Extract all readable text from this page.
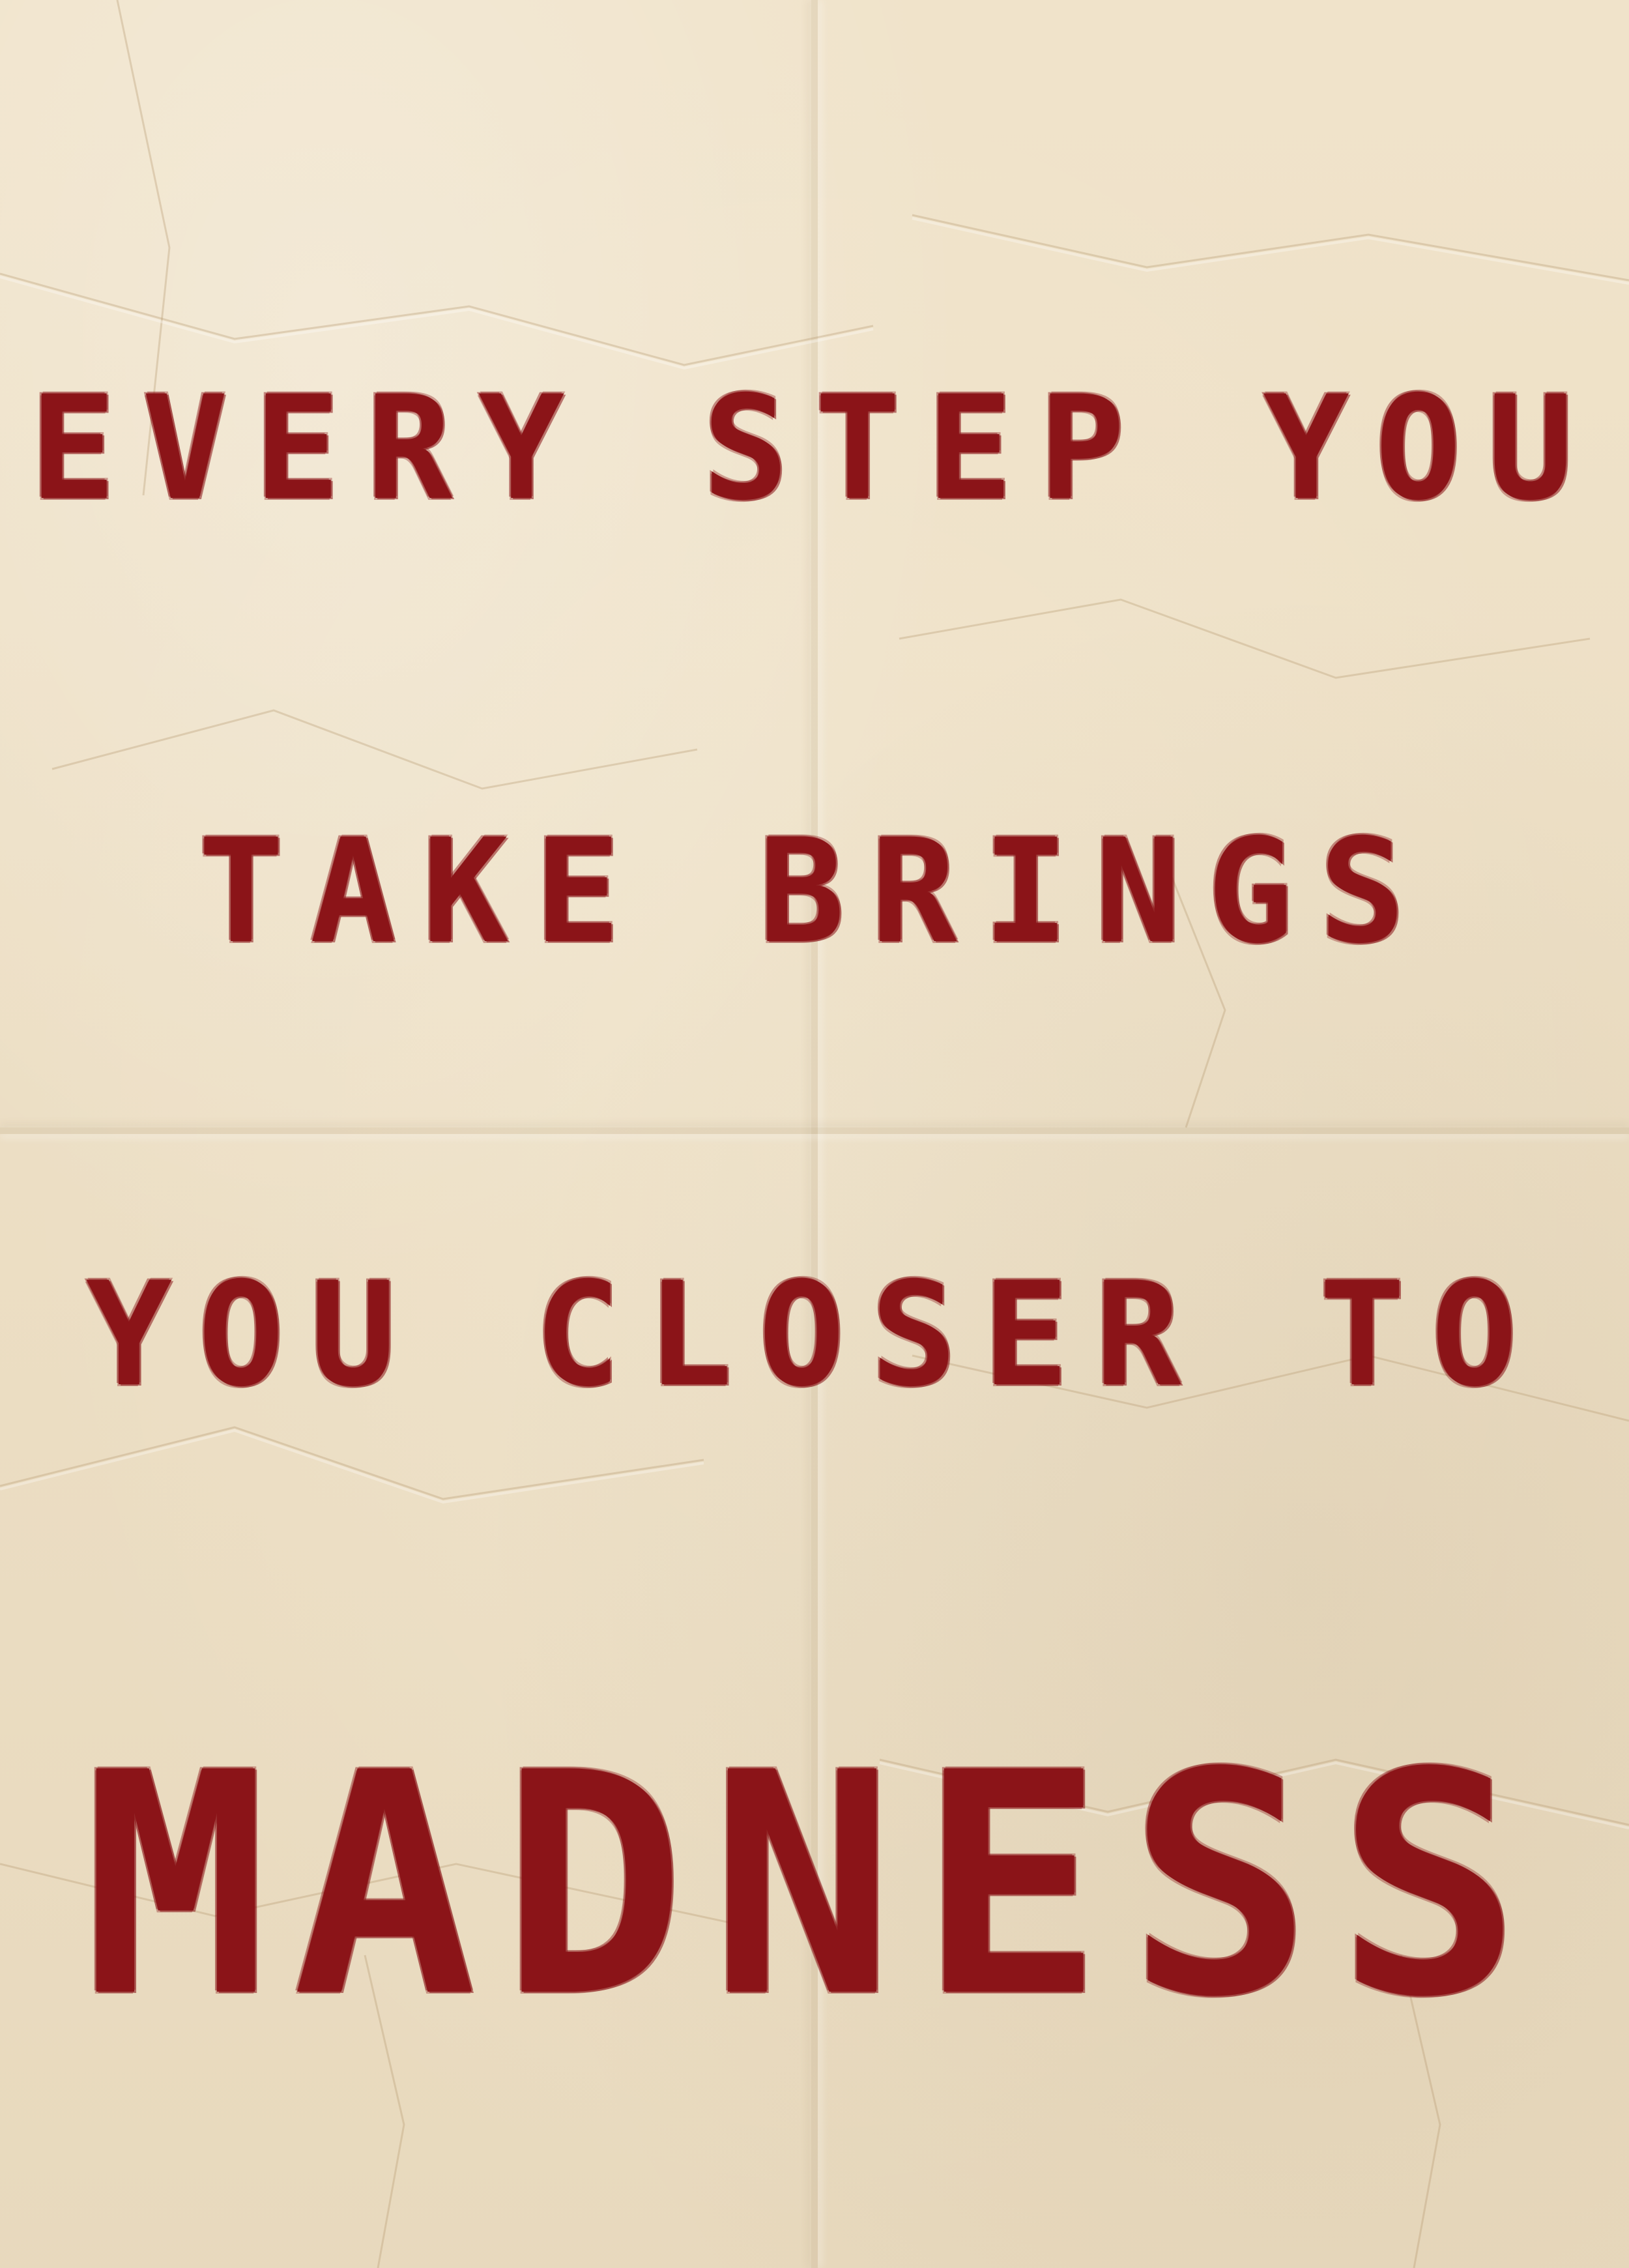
EVERY STEP YOU
TAKE BRINGS
YOU CLOSER TO
MADNESS
